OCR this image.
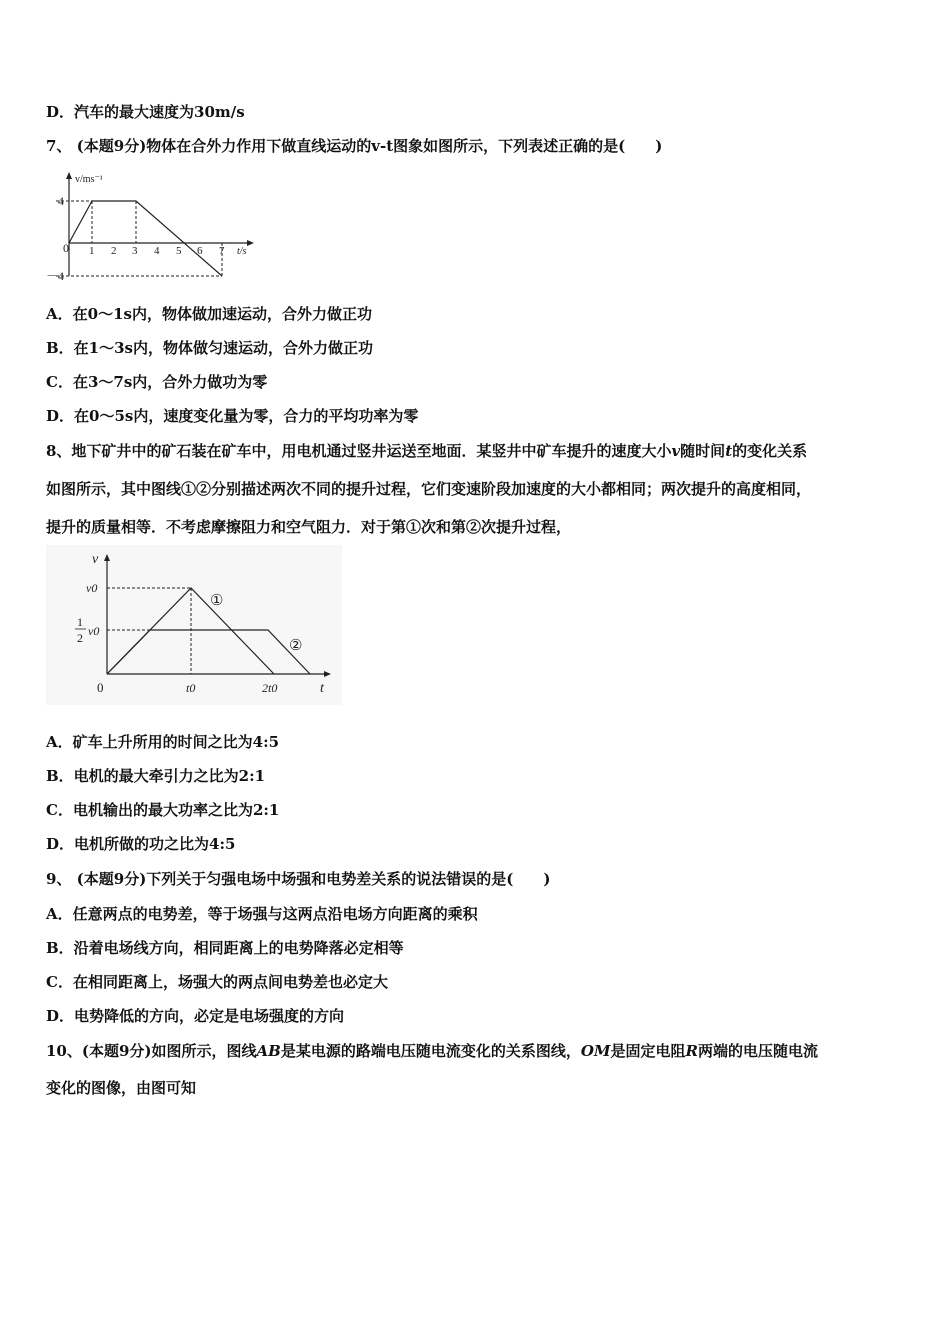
D．汽车的最大速度为30m/s
7、 (本题9分)物体在合外力作用下做直线运动的v-t图象如图所示，下列表述正确的是(　　)
v/ms⁻¹
4
0
－4
1 2 3 4 5 6 7 t/s
A．在0～1s内，物体做加速运动，合外力做正功
B．在1～3s内，物体做匀速运动，合外力做正功
C．在3～7s内，合外力做功为零
D．在0～5s内，速度变化量为零，合力的平均功率为零
8、地下矿井中的矿石装在矿车中，用电机通过竖井运送至地面．某竖井中矿车提升的速度大小v随时间t的变化关系
如图所示，其中图线①②分别描述两次不同的提升过程，它们变速阶段加速度的大小都相同；两次提升的高度相同，
提升的质量相等．不考虑摩擦阻力和空气阻力．对于第①次和第②次提升过程，
v
v0
1
2 v0
0	t0	2t0	t
①
②
A．矿车上升所用的时间之比为4:5
B．电机的最大牵引力之比为2:1
C．电机输出的最大功率之比为2:1
D．电机所做的功之比为4:5
9、 (本题9分)下列关于匀强电场中场强和电势差关系的说法错误的是(　　)
A．任意两点的电势差，等于场强与这两点沿电场方向距离的乘积
B．沿着电场线方向，相同距离上的电势降落必定相等
C．在相同距离上，场强大的两点间电势差也必定大
D．电势降低的方向，必定是电场强度的方向
10、(本题9分)如图所示，图线AB是某电源的路端电压随电流变化的关系图线，OM是固定电阻R两端的电压随电流
变化的图像，由图可知
